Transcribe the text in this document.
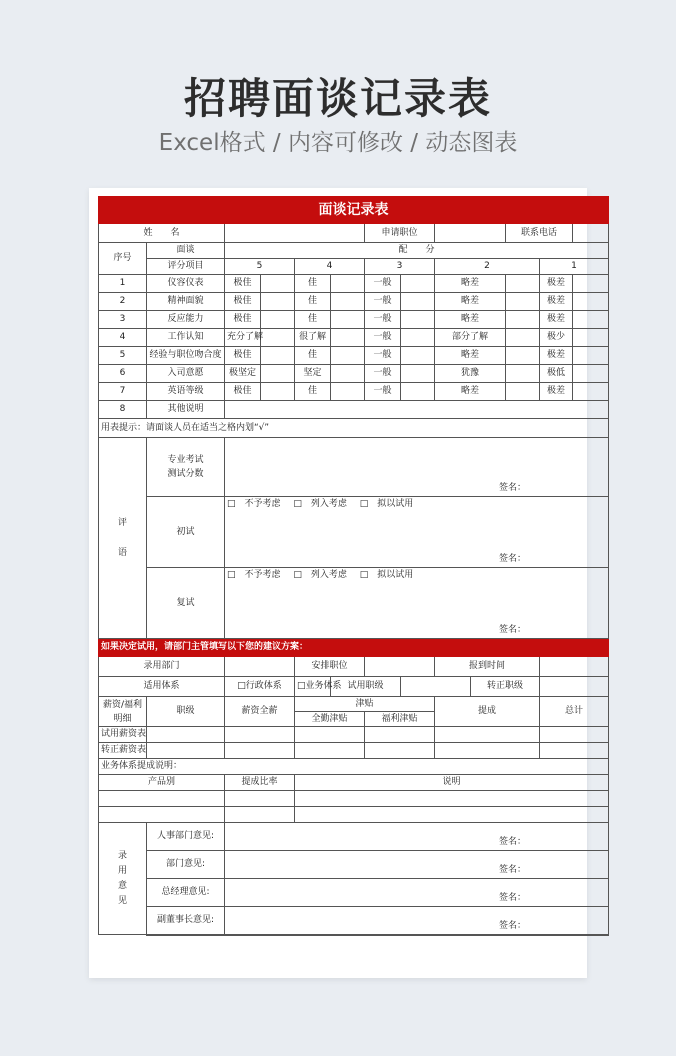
招聘面谈记录表
Excel格式 / 内容可修改 / 动态图表
面谈记录表												
姓　　名						申请职位				联系电话		
序号	面谈	配　　分										
	评分项目	5		4		3		2			1	
1	仪容仪表	极佳		佳		一般		略差			极差	
2	精神面貌	极佳		佳		一般		略差			极差	
3	反应能力	极佳		佳		一般		略差			极差	
4	工作认知	充分了解		很了解		一般		部分了解			极少	
5	经验与职位吻合度	极佳		佳		一般		略差			极差	
6	入司意愿	极坚定		坚定		一般		犹豫			极低	
7	英语等级	极佳		佳		一般		略差			极差	
8	其他说明											
用表提示：请面谈人员在适当之格内划“√”												
评

语	专业考试
测试分数	签名：										

	初试	□　不予考虑 □　列入考虑 □　拟以试用
签名：										

	复试	□　不予考虑 □　列入考虑 □　拟以试用
签名：										

如果决定试用，请部门主管填写以下您的建议方案：												
录用部门				安排职位				报到时间				
适用体系		□行政体系		□业务体系	试用职级				转正职级			
薪资/福利
明细	职级	薪资全薪		津贴				提成			总计	
				全勤津贴		福利津贴						
试用薪资表												
转正薪资表												
业务体系提成说明：												
产品别		提成比率		说明								

录
用
意
见	人事部门意见:	签名：										

	部门意见:	签名：										

	总经理意见:	签名：										

	副董事长意见:	签名：										
